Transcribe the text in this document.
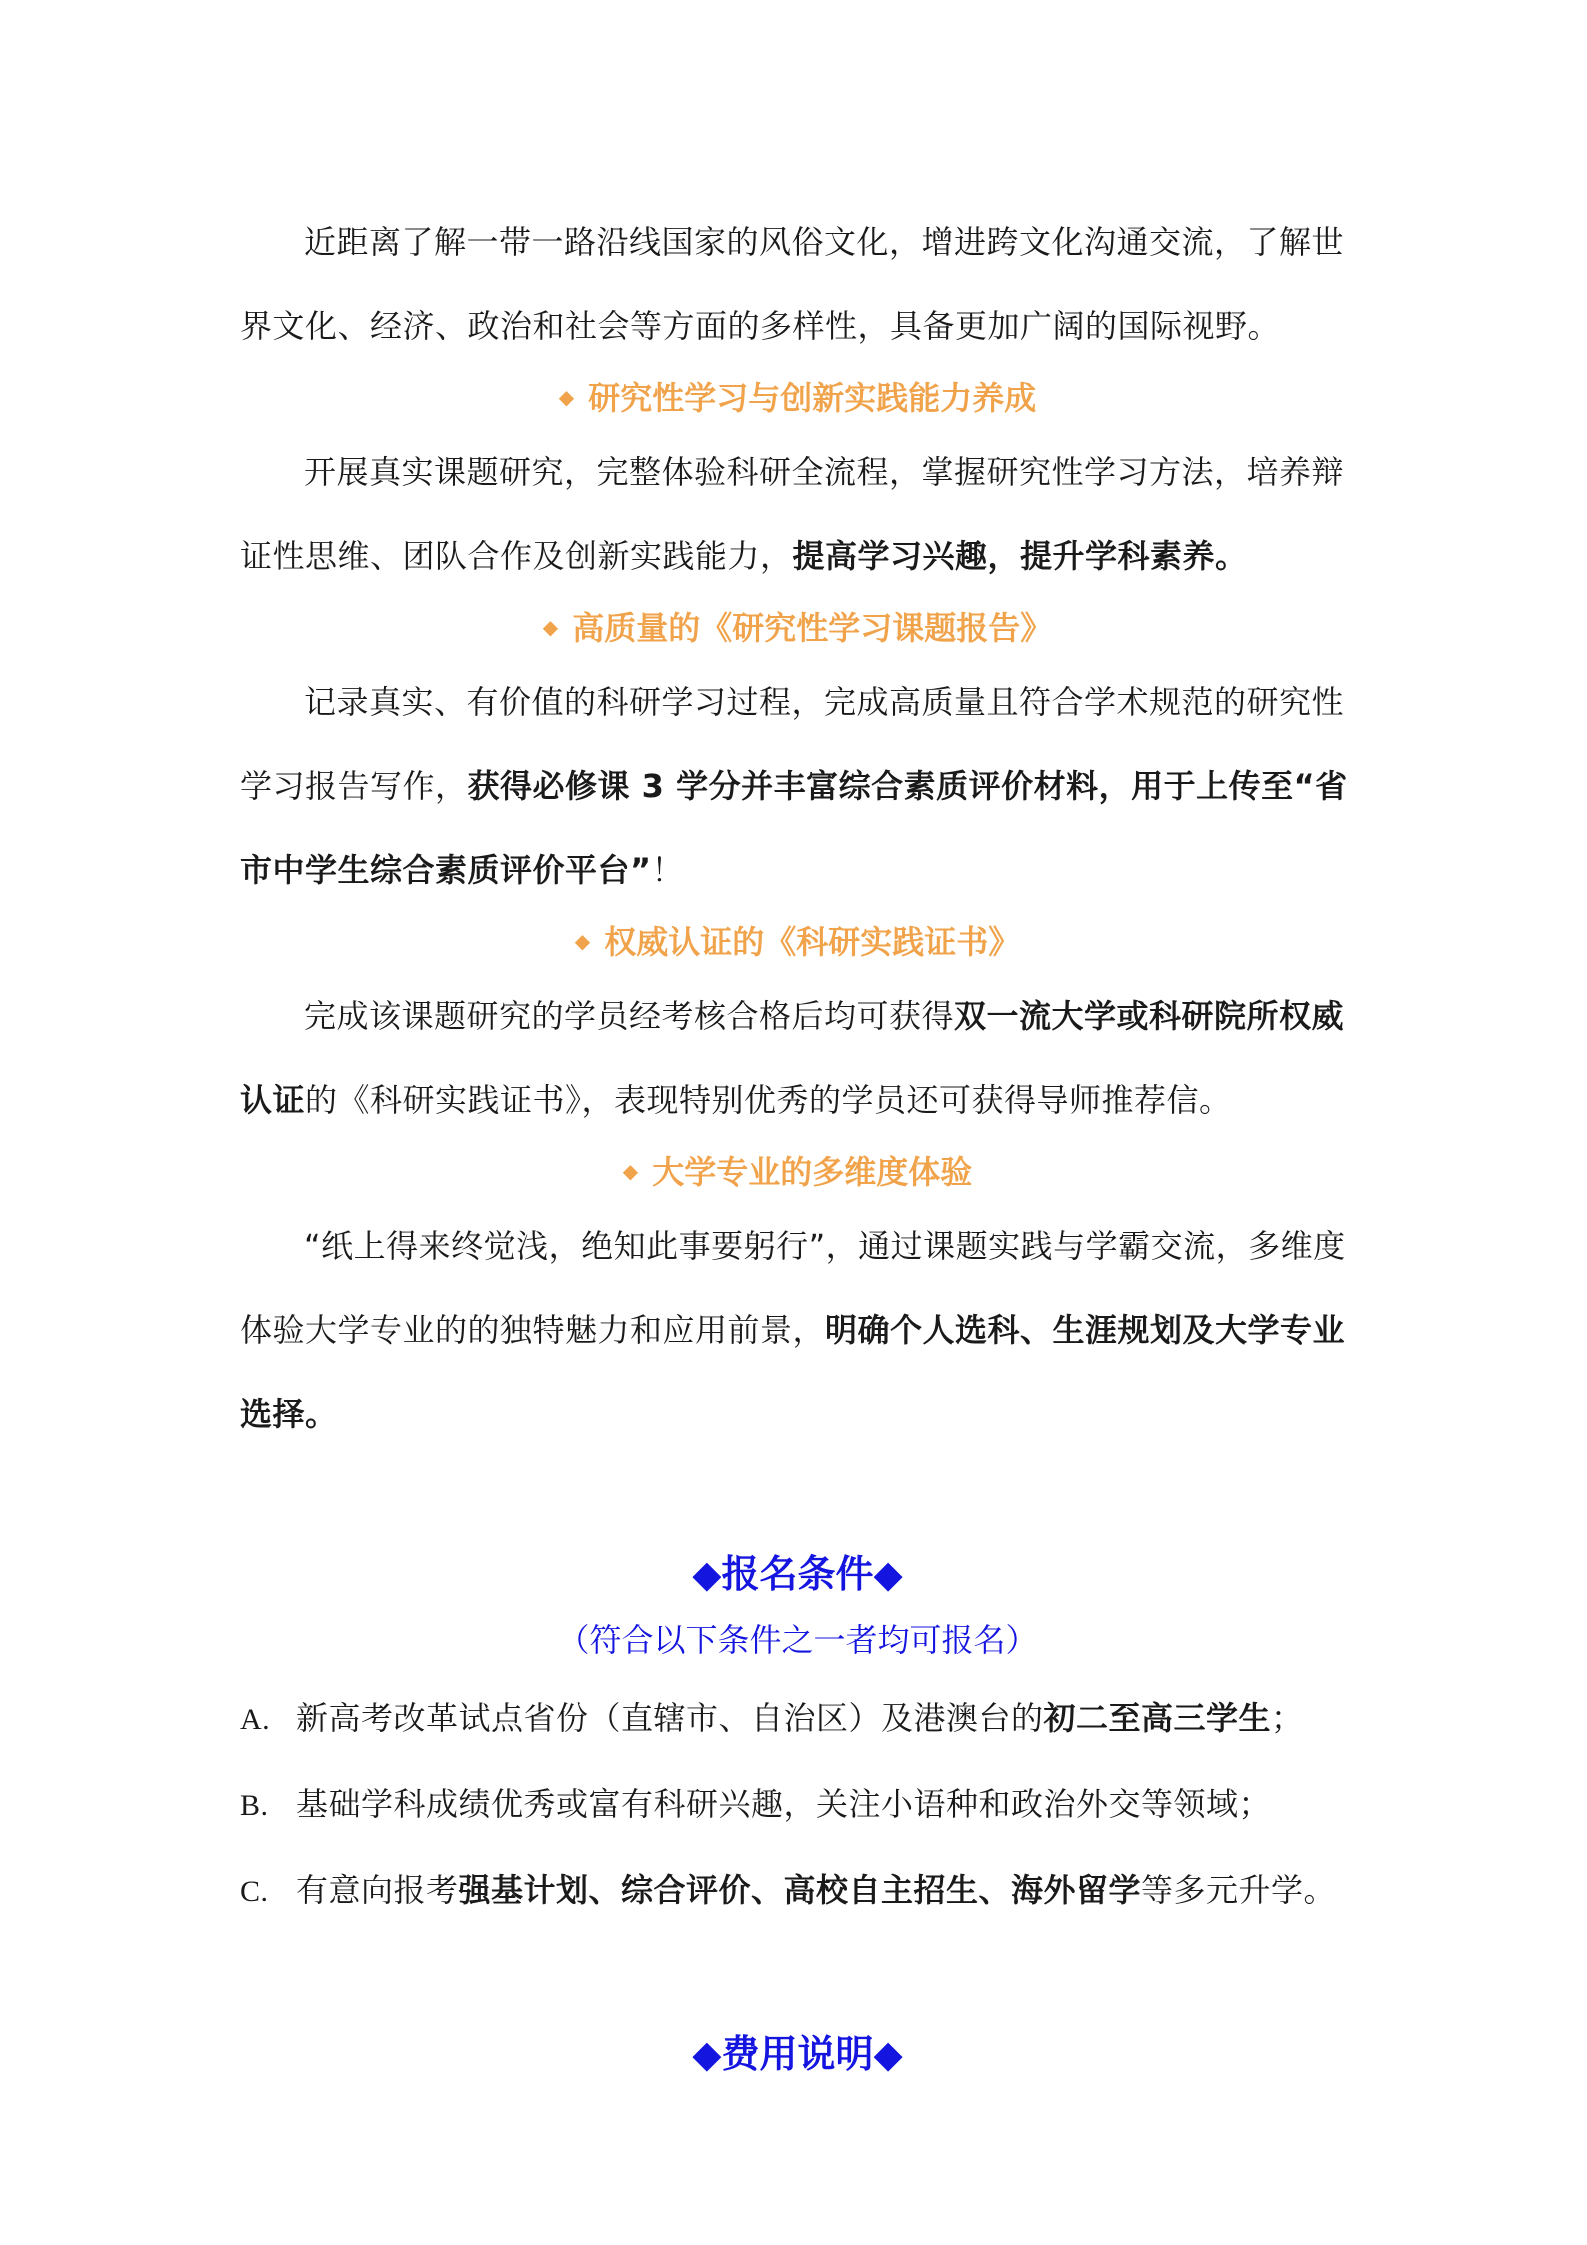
近距离了解一带一路沿线国家的风俗文化，增进跨文化沟通交流，了解世界文化、经济、政治和社会等方面的多样性，具备更加广阔的国际视野。

◆ 研究性学习与创新实践能力养成

开展真实课题研究，完整体验科研全流程，掌握研究性学习方法，培养辩证性思维、团队合作及创新实践能力，提高学习兴趣，提升学科素养。

◆ 高质量的《研究性学习课题报告》

记录真实、有价值的科研学习过程，完成高质量且符合学术规范的研究性学习报告写作，获得必修课 3 学分并丰富综合素质评价材料，用于上传至“省市中学生综合素质评价平台”！

◆ 权威认证的《科研实践证书》

完成该课题研究的学员经考核合格后均可获得双一流大学或科研院所权威认证的《科研实践证书》，表现特别优秀的学员还可获得导师推荐信。

◆ 大学专业的多维度体验

“纸上得来终觉浅，绝知此事要躬行”，通过课题实践与学霸交流，多维度体验大学专业的的独特魅力和应用前景，明确个人选科、生涯规划及大学专业选择。

◆报名条件◆
（符合以下条件之一者均可报名）

A. 新高考改革试点省份（直辖市、自治区）及港澳台的初二至高三学生；

B. 基础学科成绩优秀或富有科研兴趣，关注小语种和政治外交等领域；

C. 有意向报考强基计划、综合评价、高校自主招生、海外留学等多元升学。

◆费用说明◆
